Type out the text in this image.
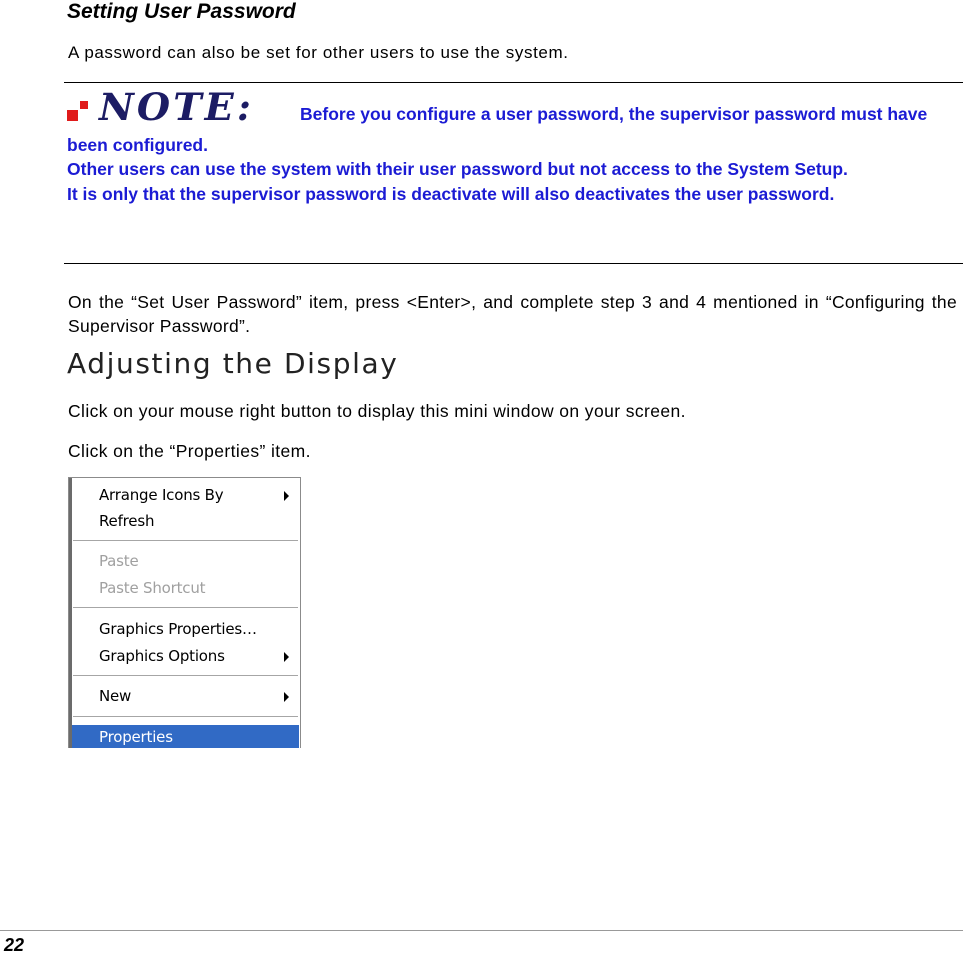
Setting User Password
A password can also be set for other users to use the system.
NOTE:	Before you configure a user password, the supervisor password must have been configured.
Other users can use the system with their user password but not access to the System Setup.
It is only that the supervisor password is deactivate will also deactivates the user password.
On the “Set User Password” item, press <Enter>, and complete step 3 and 4 mentioned in “Configuring the Supervisor Password”.
Adjusting the Display
Click on your mouse right button to display this mini window on your screen.
Click on the “Properties” item.
Arrange Icons By
Refresh
Paste
Paste Shortcut
Graphics Properties…
Graphics Options
New
Properties
22
